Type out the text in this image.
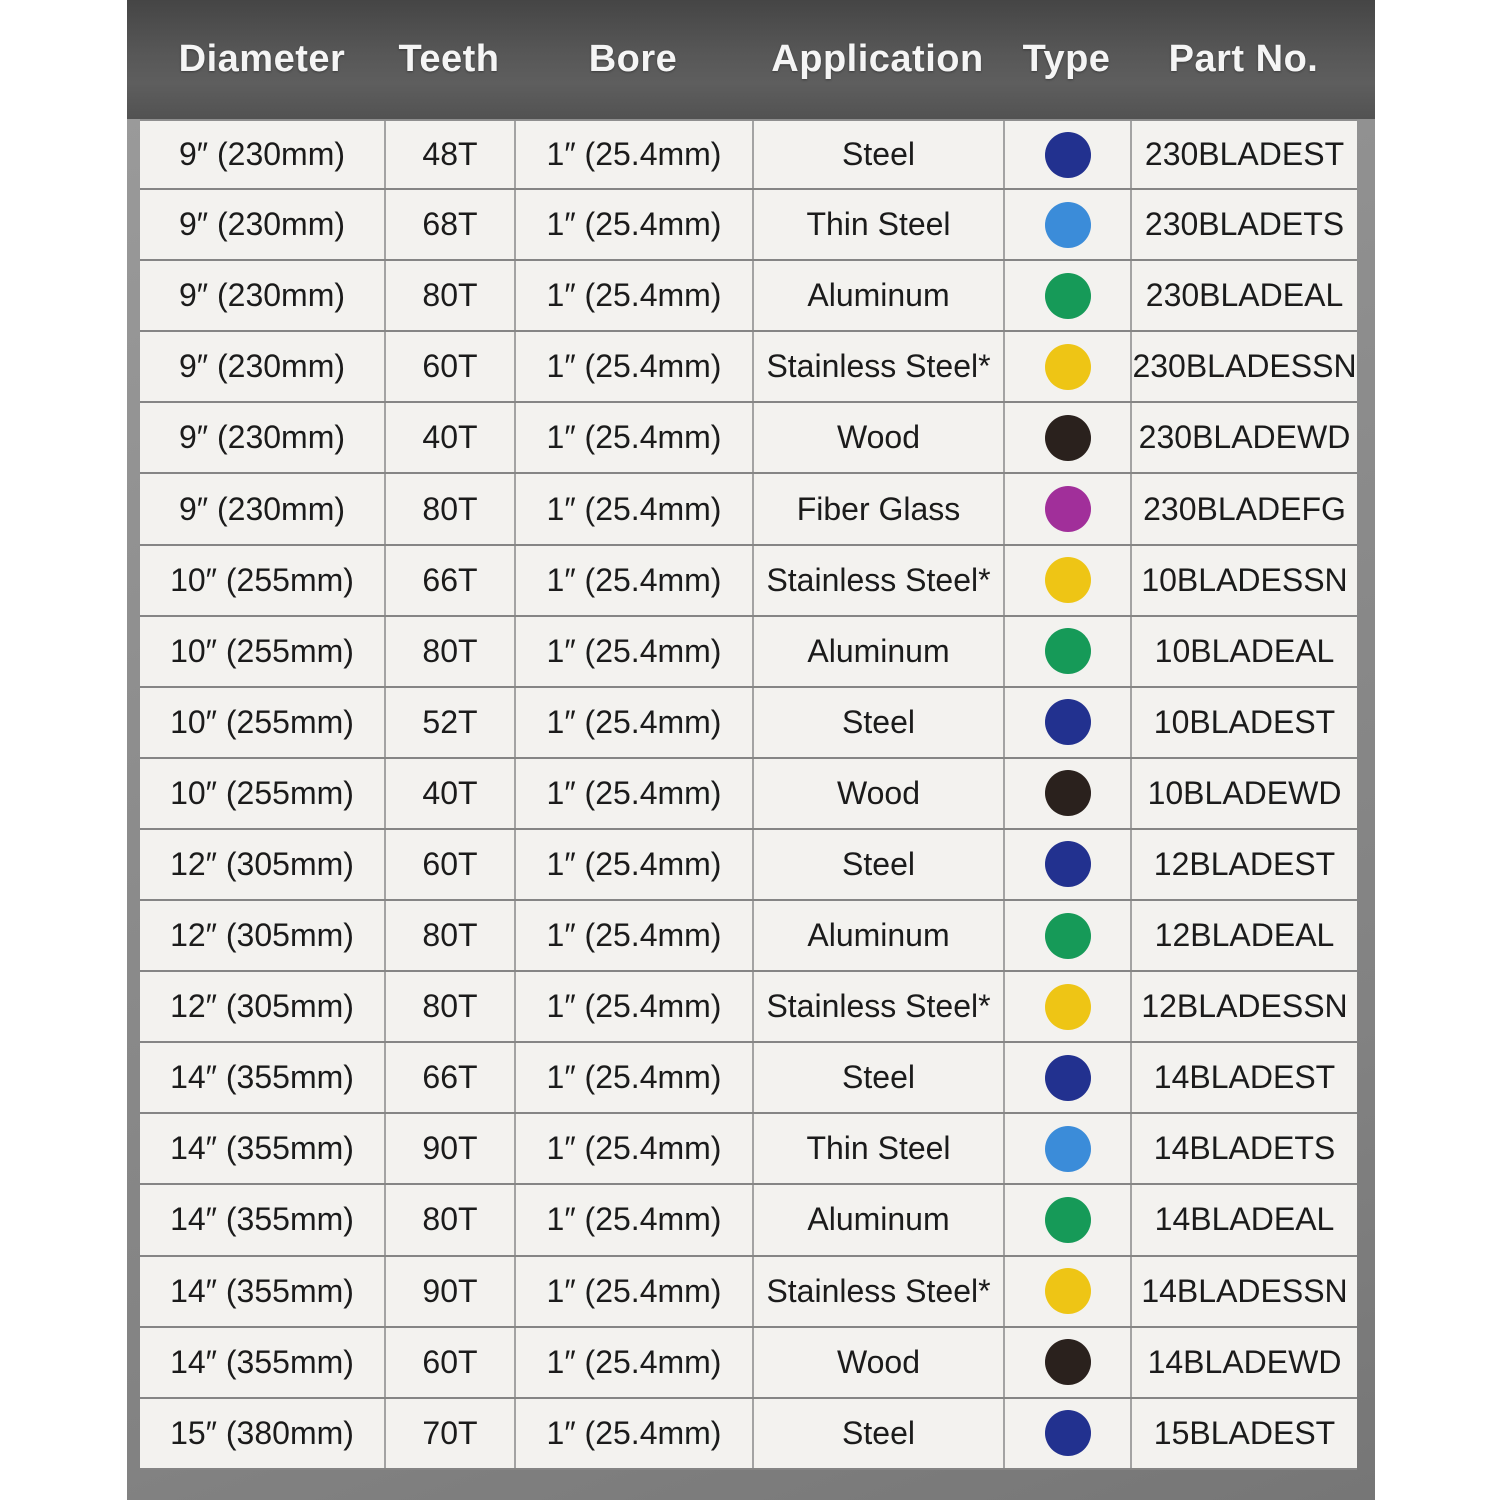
Diameter	Teeth	Bore	Application	Type	Part No.
9″ (230mm)	48T	1″ (25.4mm)	Steel	230BLADEST
9″ (230mm)	68T	1″ (25.4mm)	Thin Steel	230BLADETS
9″ (230mm)	80T	1″ (25.4mm)	Aluminum	230BLADEAL
9″ (230mm)	60T	1″ (25.4mm)	Stainless Steel*	230BLADESSN
9″ (230mm)	40T	1″ (25.4mm)	Wood	230BLADEWD
9″ (230mm)	80T	1″ (25.4mm)	Fiber Glass	230BLADEFG
10″ (255mm)	66T	1″ (25.4mm)	Stainless Steel*	10BLADESSN
10″ (255mm)	80T	1″ (25.4mm)	Aluminum	10BLADEAL
10″ (255mm)	52T	1″ (25.4mm)	Steel	10BLADEST
10″ (255mm)	40T	1″ (25.4mm)	Wood	10BLADEWD
12″ (305mm)	60T	1″ (25.4mm)	Steel	12BLADEST
12″ (305mm)	80T	1″ (25.4mm)	Aluminum	12BLADEAL
12″ (305mm)	80T	1″ (25.4mm)	Stainless Steel*	12BLADESSN
14″ (355mm)	66T	1″ (25.4mm)	Steel	14BLADEST
14″ (355mm)	90T	1″ (25.4mm)	Thin Steel	14BLADETS
14″ (355mm)	80T	1″ (25.4mm)	Aluminum	14BLADEAL
14″ (355mm)	90T	1″ (25.4mm)	Stainless Steel*	14BLADESSN
14″ (355mm)	60T	1″ (25.4mm)	Wood	14BLADEWD
15″ (380mm)	70T	1″ (25.4mm)	Steel	15BLADEST
